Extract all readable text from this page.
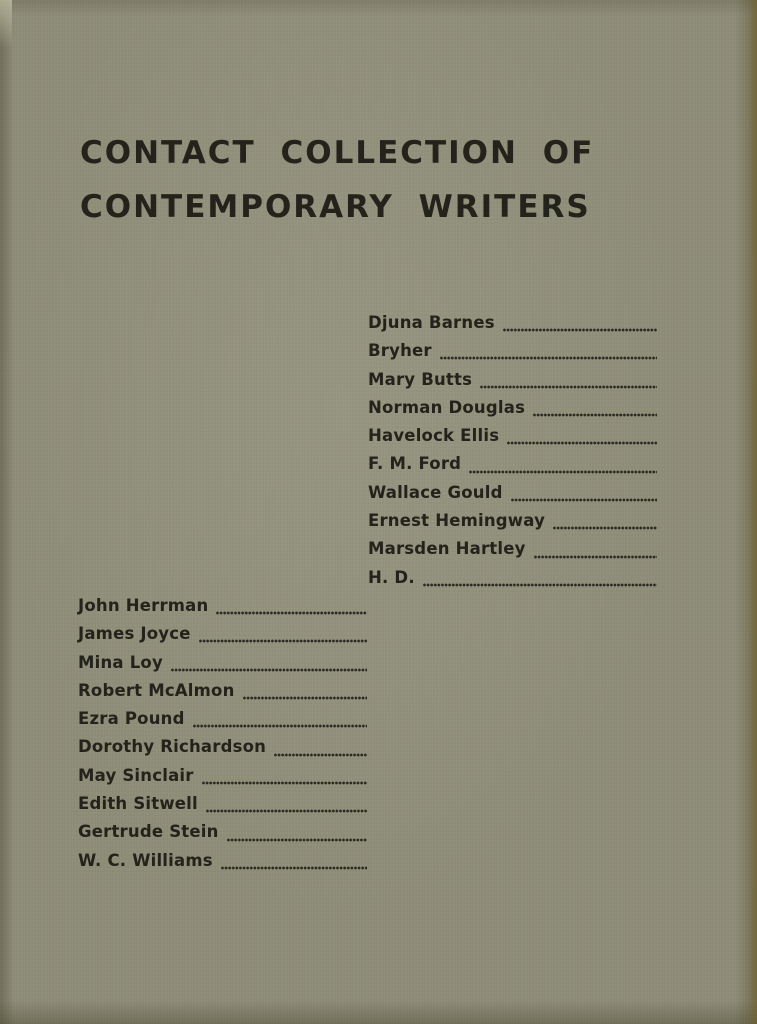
CONTACT COLLECTION OF
CONTEMPORARY WRITERS
Djuna Barnes
Bryher
Mary Butts
Norman Douglas
Havelock Ellis
F. M. Ford
Wallace Gould
Ernest Hemingway
Marsden Hartley
H. D.
John Herrman
James Joyce
Mina Loy
Robert McAlmon
Ezra Pound
Dorothy Richardson
May Sinclair
Edith Sitwell
Gertrude Stein
W. C. Williams
